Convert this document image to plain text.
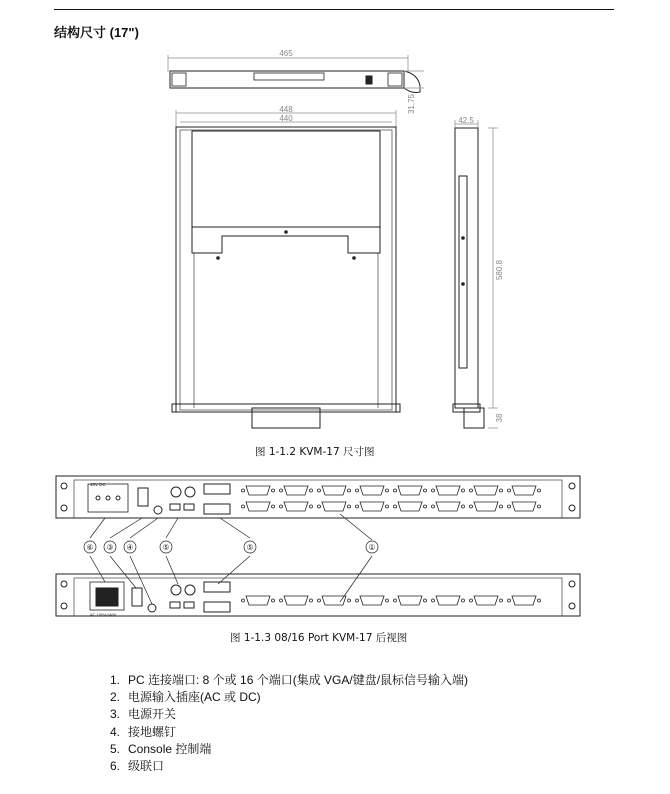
结构尺寸 (17")
465
31.75
448
440	42.5
580.8
38
图 1-1.2 KVM-17 尺寸图
48V DC
⑥ ③ ④	⑤	⑤	①
AC 100V-240V
图 1-1.3 08/16 Port KVM-17 后视图
1. PC 连接端口: 8 个或 16 个端口(集成 VGA/键盘/鼠标信号输入端)
2. 电源输入插座(AC 或 DC)
3. 电源开关
4. 接地螺钉
5. Console 控制端
6. 级联口
